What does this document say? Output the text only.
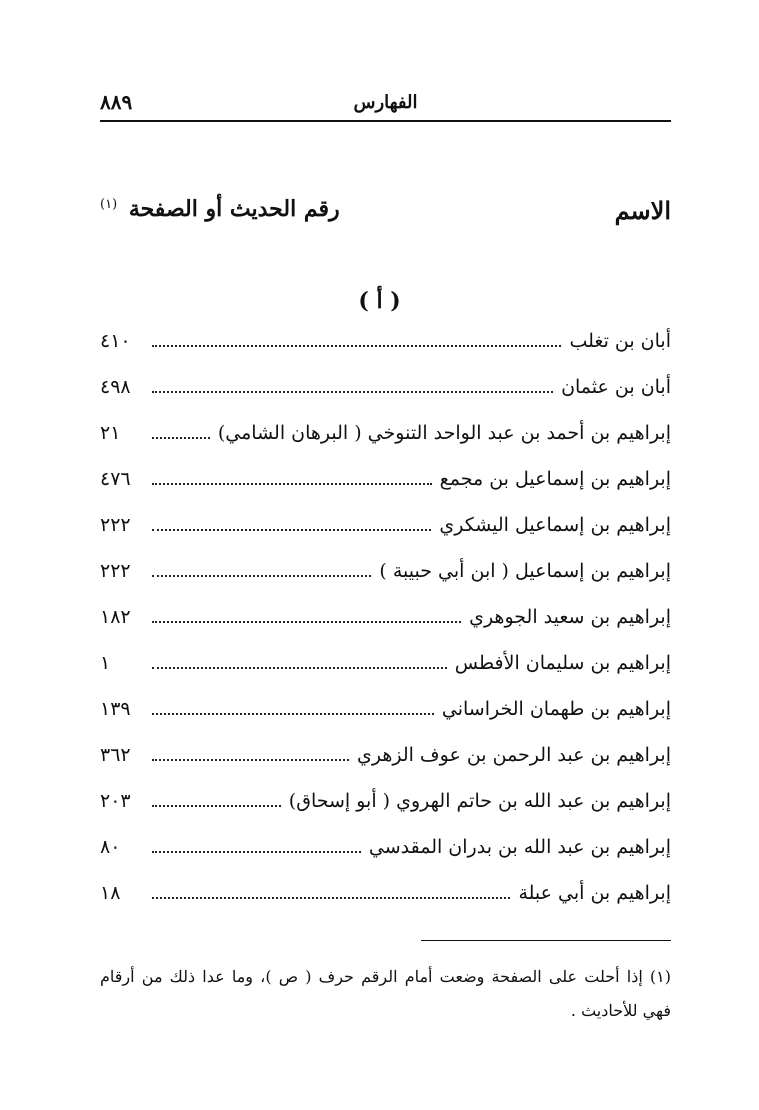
الفهارس
٨٨٩
الاسم
رقم الحديث أو الصفحة $^{(١)}$
( أ )
أبان بن تغلب
٤١٠
أبان بن عثمان
٤٩٨
إبراهيم بن أحمد بن عبد الواحد التنوخي ( البرهان الشامي)
٢١
إبراهيم بن إسماعيل بن مجمع
٤٧٦
إبراهيم بن إسماعيل اليشكري
٢٢٢
إبراهيم بن إسماعيل ( ابن أبي حبيبة )
٢٢٢
إبراهيم بن سعيد الجوهري
١٨٢
إبراهيم بن سليمان الأفطس
١
إبراهيم بن طهمان الخراساني
١٣٩
إبراهيم بن عبد الرحمن بن عوف الزهري
٣٦٢
إبراهيم بن عبد الله بن حاتم الهروي ( أبو إسحاق)
٢٠٣
إبراهيم بن عبد الله بن بدران المقدسي
٨٠
إبراهيم بن أبي عبلة
١٨
(١) إذا أحلت على الصفحة وضعت أمام الرقم حرف ( ص )، وما عدا ذلك من أرقام فهي للأحاديث .
